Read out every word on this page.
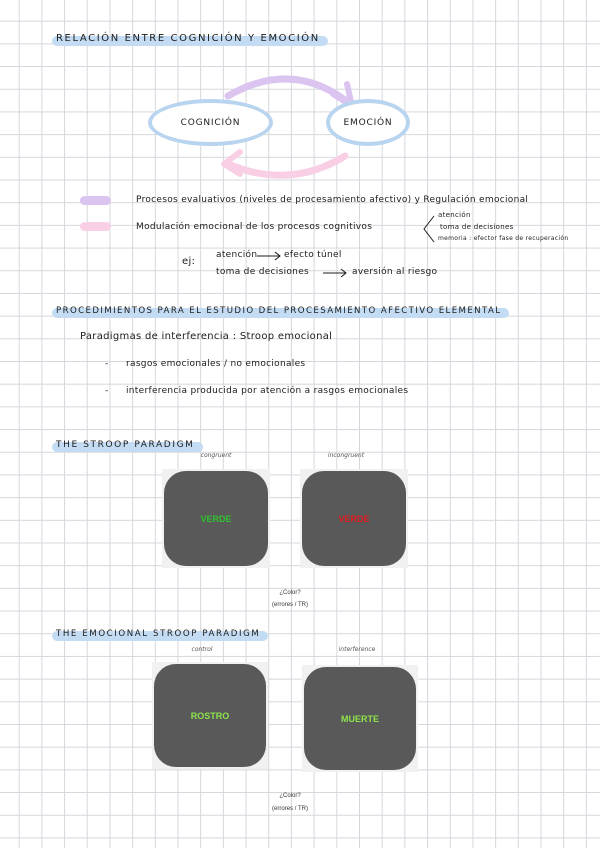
RELACIÓN ENTRE COGNICIÓN Y EMOCIÓN
COGNICIÓN	EMOCIÓN
Procesos evaluativos (niveles de procesamiento afectivo) y Regulación emocional
Modulación emocional de los procesos cognitivos
atención
toma de decisiones
memoria : efector fase de recuperación
ej:
atención	efecto túnel
toma de decisiones	aversión al riesgo
PROCEDIMIENTOS PARA EL ESTUDIO DEL PROCESAMIENTO AFECTIVO ELEMENTAL
Paradigmas de interferencia : Stroop emocional
- rasgos emocionales / no emocionales
- interferencia producida por atención a rasgos emocionales
THE STROOP PARADIGM
congruent
VERDE
incongruent
VERDE
¿Color?
(errores / TR)
THE EMOCIONAL STROOP PARADIGM
control
ROSTRO
interference
MUERTE
¿Color?
(errores / TR)
